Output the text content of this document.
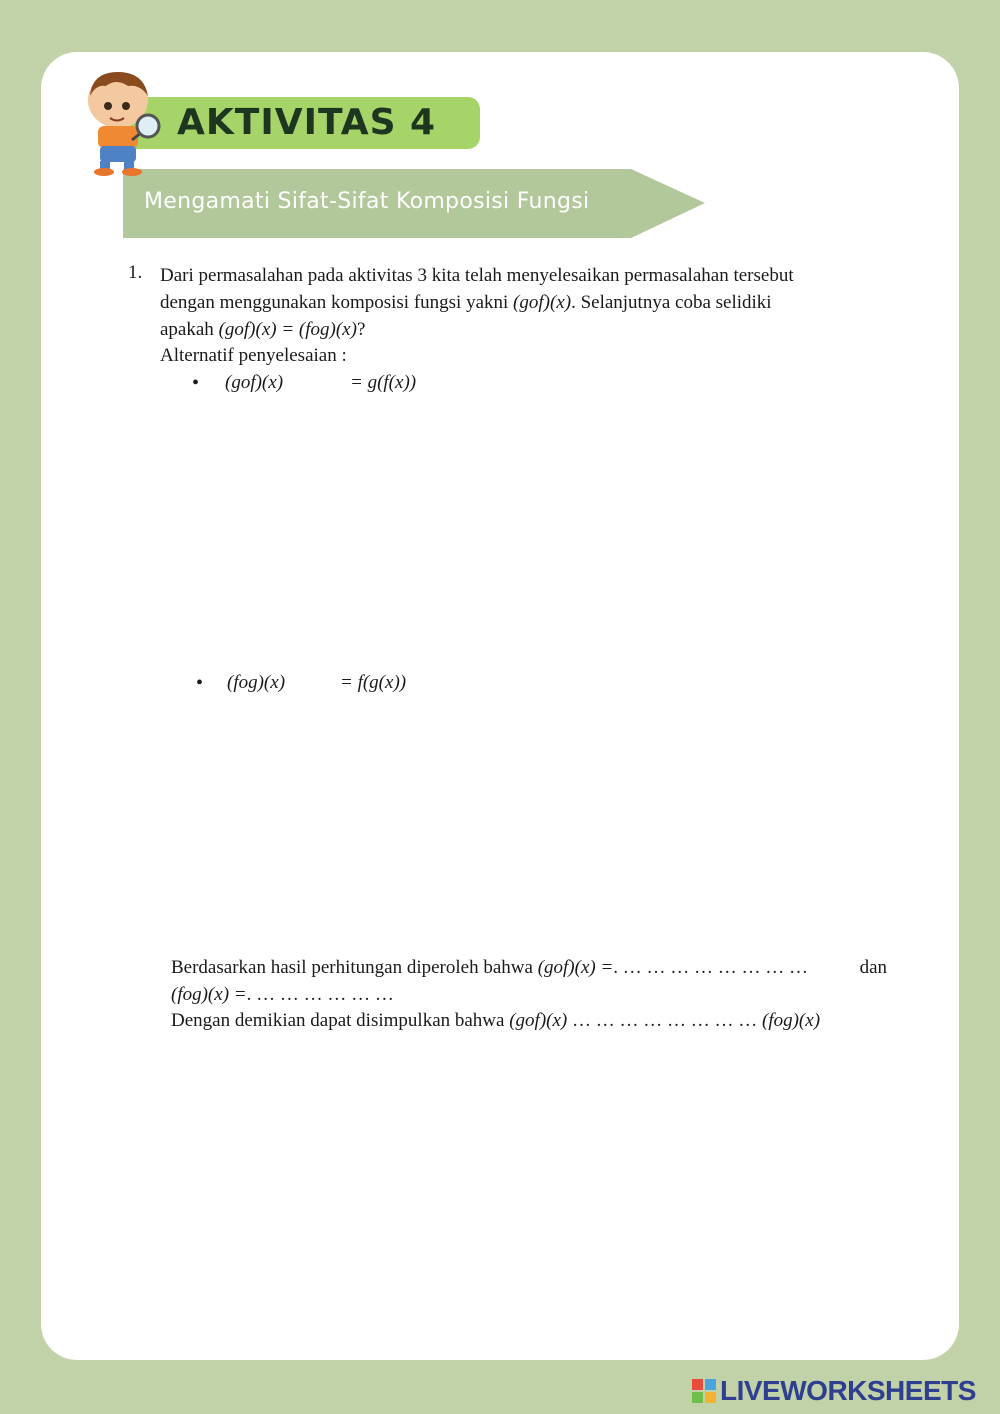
AKTIVITAS 4
Mengamati Sifat-Sifat Komposisi Fungsi
1. Dari permasalahan pada aktivitas 3 kita telah menyelesaikan permasalahan tersebut
dengan menggunakan komposisi fungsi yakni (gof)(x). Selanjutnya coba selidiki
apakah (gof)(x) = (fog)(x)?
Alternatif penyelesaian :
• (gof)(x)	= g(f(x))
• (fog)(x)	= f(g(x))
Berdasarkan hasil perhitungan diperoleh bahwa (gof)(x) =. … … … … … … … …	dan
(fog)(x) =. … … … … … …
Dengan demikian dapat disimpulkan bahwa (gof)(x) … … … … … … … … (fog)(x)
LIVEWORKSHEETS
